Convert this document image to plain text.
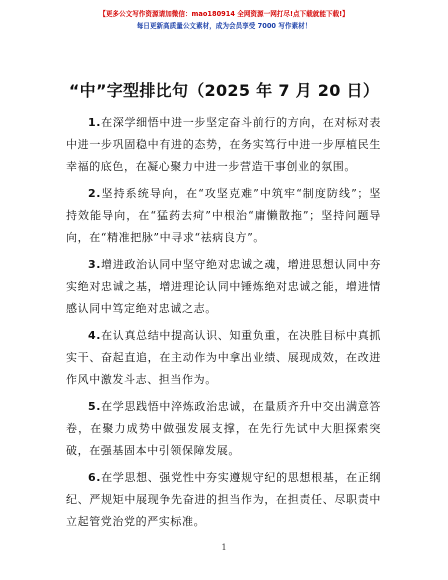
【更多公文写作资源请加微信：mao180914 全网资源一网打尽!点下载就能下载!】
每日更新高质量公文素材，成为会员享受 7000 写作素材！
“中”字型排比句（2025 年 7 月 20 日）

1.在深学细悟中进一步坚定奋斗前行的方向，在对标对表中进一步巩固稳中有进的态势，在务实笃行中进一步厚植民生幸福的底色，在凝心聚力中进一步营造干事创业的氛围。

2.坚持系统导向，在“攻坚克难”中筑牢“制度防线”；坚持效能导向，在“猛药去疴”中根治“庸懒散拖”；坚持问题导向，在“精准把脉”中寻求“祛病良方”。

3.增进政治认同中坚守绝对忠诚之魂，增进思想认同中夯实绝对忠诚之基，增进理论认同中锤炼绝对忠诚之能，增进情感认同中笃定绝对忠诚之志。

4.在认真总结中提高认识、知重负重，在决胜目标中真抓实干、奋起直追，在主动作为中拿出业绩、展现成效，在改进作风中激发斗志、担当作为。

5.在学思践悟中淬炼政治忠诚，在量质齐升中交出满意答卷，在聚力成势中做强发展支撑，在先行先试中大胆探索突破，在强基固本中引领保障发展。

6.在学思想、强党性中夯实遵规守纪的思想根基，在正纲纪、严规矩中展现争先奋进的担当作为，在担责任、尽职责中立起管党治党的严实标准。

1
